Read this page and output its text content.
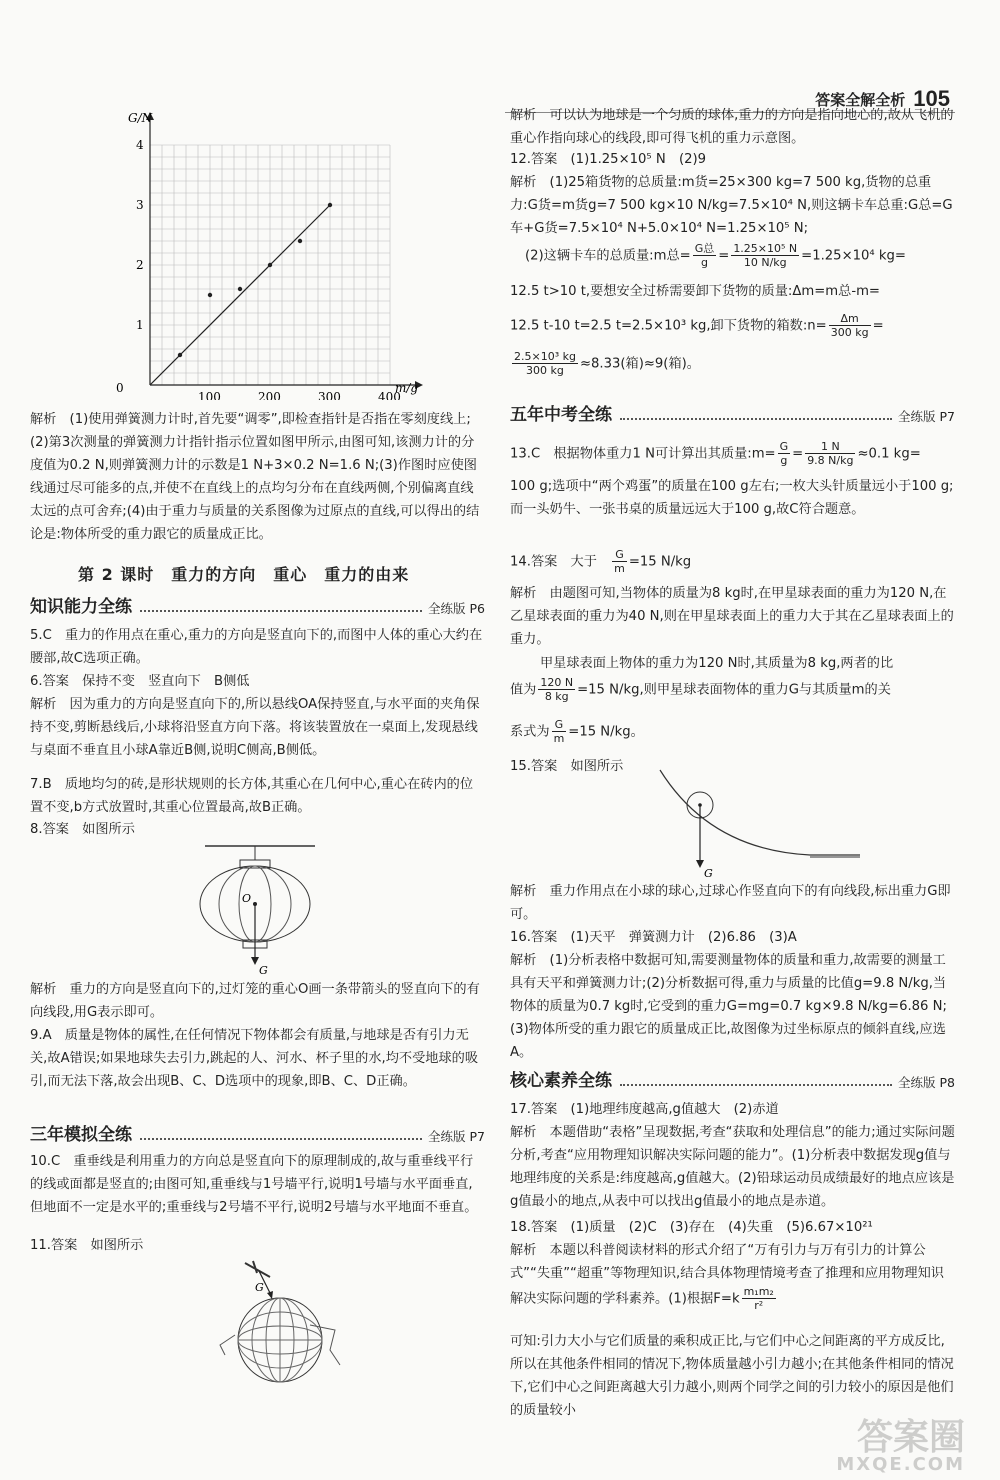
答案全解全析 105
G/N
m/g
0
1
2
3
4
100	200	300	400
解析　(1)使用弹簧测力计时,首先要“调零”,即检查指针是否指在零刻度线上;(2)第3次测量的弹簧测力计指针指示位置如图甲所示,由图可知,该测力计的分度值为0.2 N,则弹簧测力计的示数是1 N+3×0.2 N=1.6 N;(3)作图时应使图线通过尽可能多的点,并使不在直线上的点均匀分布在直线两侧,个别偏离直线太远的点可舍弃;(4)由于重力与质量的关系图像为过原点的直线,可以得出的结论是:物体所受的重力跟它的质量成正比。
第 2 课时　重力的方向　重心　重力的由来
知识能力全练	全练版 P6
5.C　重力的作用点在重心,重力的方向是竖直向下的,而图中人体的重心大约在腰部,故C选项正确。
6.答案　保持不变　竖直向下　B侧低
解析　因为重力的方向是竖直向下的,所以悬线OA保持竖直,与水平面的夹角保持不变,剪断悬线后,小球将沿竖直方向下落。将该装置放在一桌面上,发现悬线与桌面不垂直且小球A靠近B侧,说明C侧高,B侧低。
7.B　质地均匀的砖,是形状规则的长方体,其重心在几何中心,重心在砖内的位置不变,b方式放置时,其重心位置最高,故B正确。
8.答案　如图所示
O
G
解析　重力的方向是竖直向下的,过灯笼的重心O画一条带箭头的竖直向下的有向线段,用G表示即可。
9.A　质量是物体的属性,在任何情况下物体都会有质量,与地球是否有引力无关,故A错误;如果地球失去引力,跳起的人、河水、杯子里的水,均不受地球的吸引,而无法下落,故会出现B、C、D选项中的现象,即B、C、D正确。
三年模拟全练	全练版 P7
10.C　重垂线是利用重力的方向总是竖直向下的原理制成的,故与重垂线平行的线或面都是竖直的;由图可知,重垂线与1号墙平行,说明1号墙与水平面垂直,但地面不一定是水平的;重垂线与2号墙不平行,说明2号墙与水平地面不垂直。
11.答案　如图所示
G
解析　可以认为地球是一个匀质的球体,重力的方向是指向地心的,故从飞机的重心作指向球心的线段,即可得飞机的重力示意图。
12.答案　(1)1.25×10⁵ N　(2)9
解析　(1)25箱货物的总质量:m货=25×300 kg=7 500 kg,货物的总重力:G货=m货g=7 500 kg×10 N/kg=7.5×10⁴ N,则这辆卡车总重:G总=G车+G货=7.5×10⁴ N+5.0×10⁴ N=1.25×10⁵ N;
(2)这辆卡车的总质量:m总= $\frac{\text{G总}}{g} = \frac{\text{1.25×10⁵ N}}{10 N/kg} =1.25\times 10^4$ kg=
12.5 t>10 t,要想安全过桥需要卸下货物的质量:Δm=m总-m=
12.5 t-10 t=2.5 t=2.5×10³ kg,卸下货物的箱数:n= $\frac{\Delta m}{300 kg}$ =
$\frac{\text{2.5×10³ kg}}{300 kg} \approx 8.33$(箱)≈9(箱)。
五年中考全练	全练版 P7
13.C　根据物体重力1 N可计算出其质量:m= $\frac{G}{g} = \frac{1 N}{9.8 N/kg} \approx 0.1$ kg=
100 g;选项中“两个鸡蛋”的质量在100 g左右;一枚大头针质量远小于100 g;而一头奶牛、一张书桌的质量远远大于100 g,故C符合题意。
14.答案　大于　 $\frac{G}{m} =15$ N/kg
解析　由题图可知,当物体的质量为8 kg时,在甲星球表面的重力为120 N,在乙星球表面的重力为40 N,则在甲星球表面上的重力大于其在乙星球表面上的重力。
甲星球表面上物体的重力为120 N时,其质量为8 kg,两者的比
值为 $\frac{120 N}{8 kg} =15$ N/kg,则甲星球表面物体的重力G与其质量m的关
系式为 $\frac{G}{m} =15$ N/kg。
15.答案　如图所示
G
解析　重力作用点在小球的球心,过球心作竖直向下的有向线段,标出重力G即可。
16.答案　(1)天平　弹簧测力计　(2)6.86　(3)A
解析　(1)分析表格中数据可知,需要测量物体的质量和重力,故需要的测量工具有天平和弹簧测力计;(2)分析数据可得,重力与质量的比值g=9.8 N/kg,当物体的质量为0.7 kg时,它受到的重力G=mg=0.7 kg×9.8 N/kg=6.86 N;(3)物体所受的重力跟它的质量成正比,故图像为过坐标原点的倾斜直线,应选A。
核心素养全练	全练版 P8
17.答案　(1)地理纬度越高,g值越大　(2)赤道
解析　本题借助“表格”呈现数据,考查“获取和处理信息”的能力;通过实际问题分析,考查“应用物理知识解决实际问题的能力”。(1)分析表中数据发现g值与地理纬度的关系是:纬度越高,g值越大。(2)铅球运动员成绩最好的地点应该是g值最小的地点,从表中可以找出g值最小的地点是赤道。
18.答案　(1)质量　(2)C　(3)存在　(4)失重　(5)6.67×10²¹
解析　本题以科普阅读材料的形式介绍了“万有引力与万有引力的计算公式”“失重”“超重”等物理知识,结合具体物理情境考查了推理和应用物理知识解决实际问题的学科素养。(1)根据$F=k \frac{\text{m₁m₂}}{\text{r²}}$
可知:引力大小与它们质量的乘积成正比,与它们中心之间距离的平方成反比,所以在其他条件相同的情况下,物体质量越小引力越小;在其他条件相同的情况下,它们中心之间距离越大引力越小,则两个同学之间的引力较小的原因是他们的质量较小
答案圈
MXQE.COM
